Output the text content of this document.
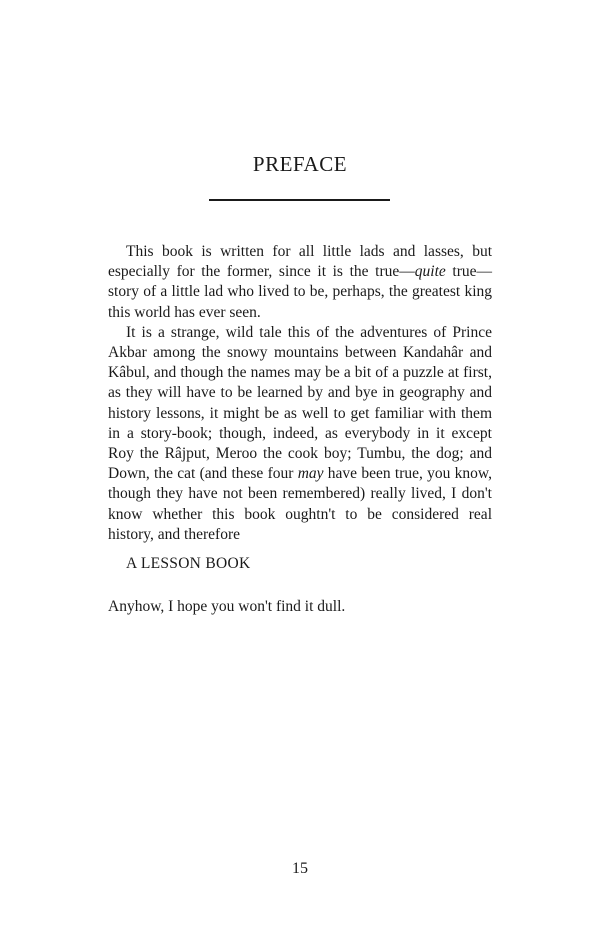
PREFACE

This book is written for all little lads and lasses, but especially for the former, since it is the true—quite true—story of a little lad who lived to be, perhaps, the greatest king this world has ever seen.

It is a strange, wild tale this of the adventures of Prince Akbar among the snowy mountains between Kandahâr and Kâbul, and though the names may be a bit of a puzzle at first, as they will have to be learned by and bye in geography and history lessons, it might be as well to get familiar with them in a story-book; though, indeed, as everybody in it except Roy the Râjput, Meroo the cook boy; Tumbu, the dog; and Down, the cat (and these four may have been true, you know, though they have not been remembered) really lived, I don't know whether this book oughtn't to be considered real history, and therefore

A LESSON BOOK

Anyhow, I hope you won't find it dull.

15
